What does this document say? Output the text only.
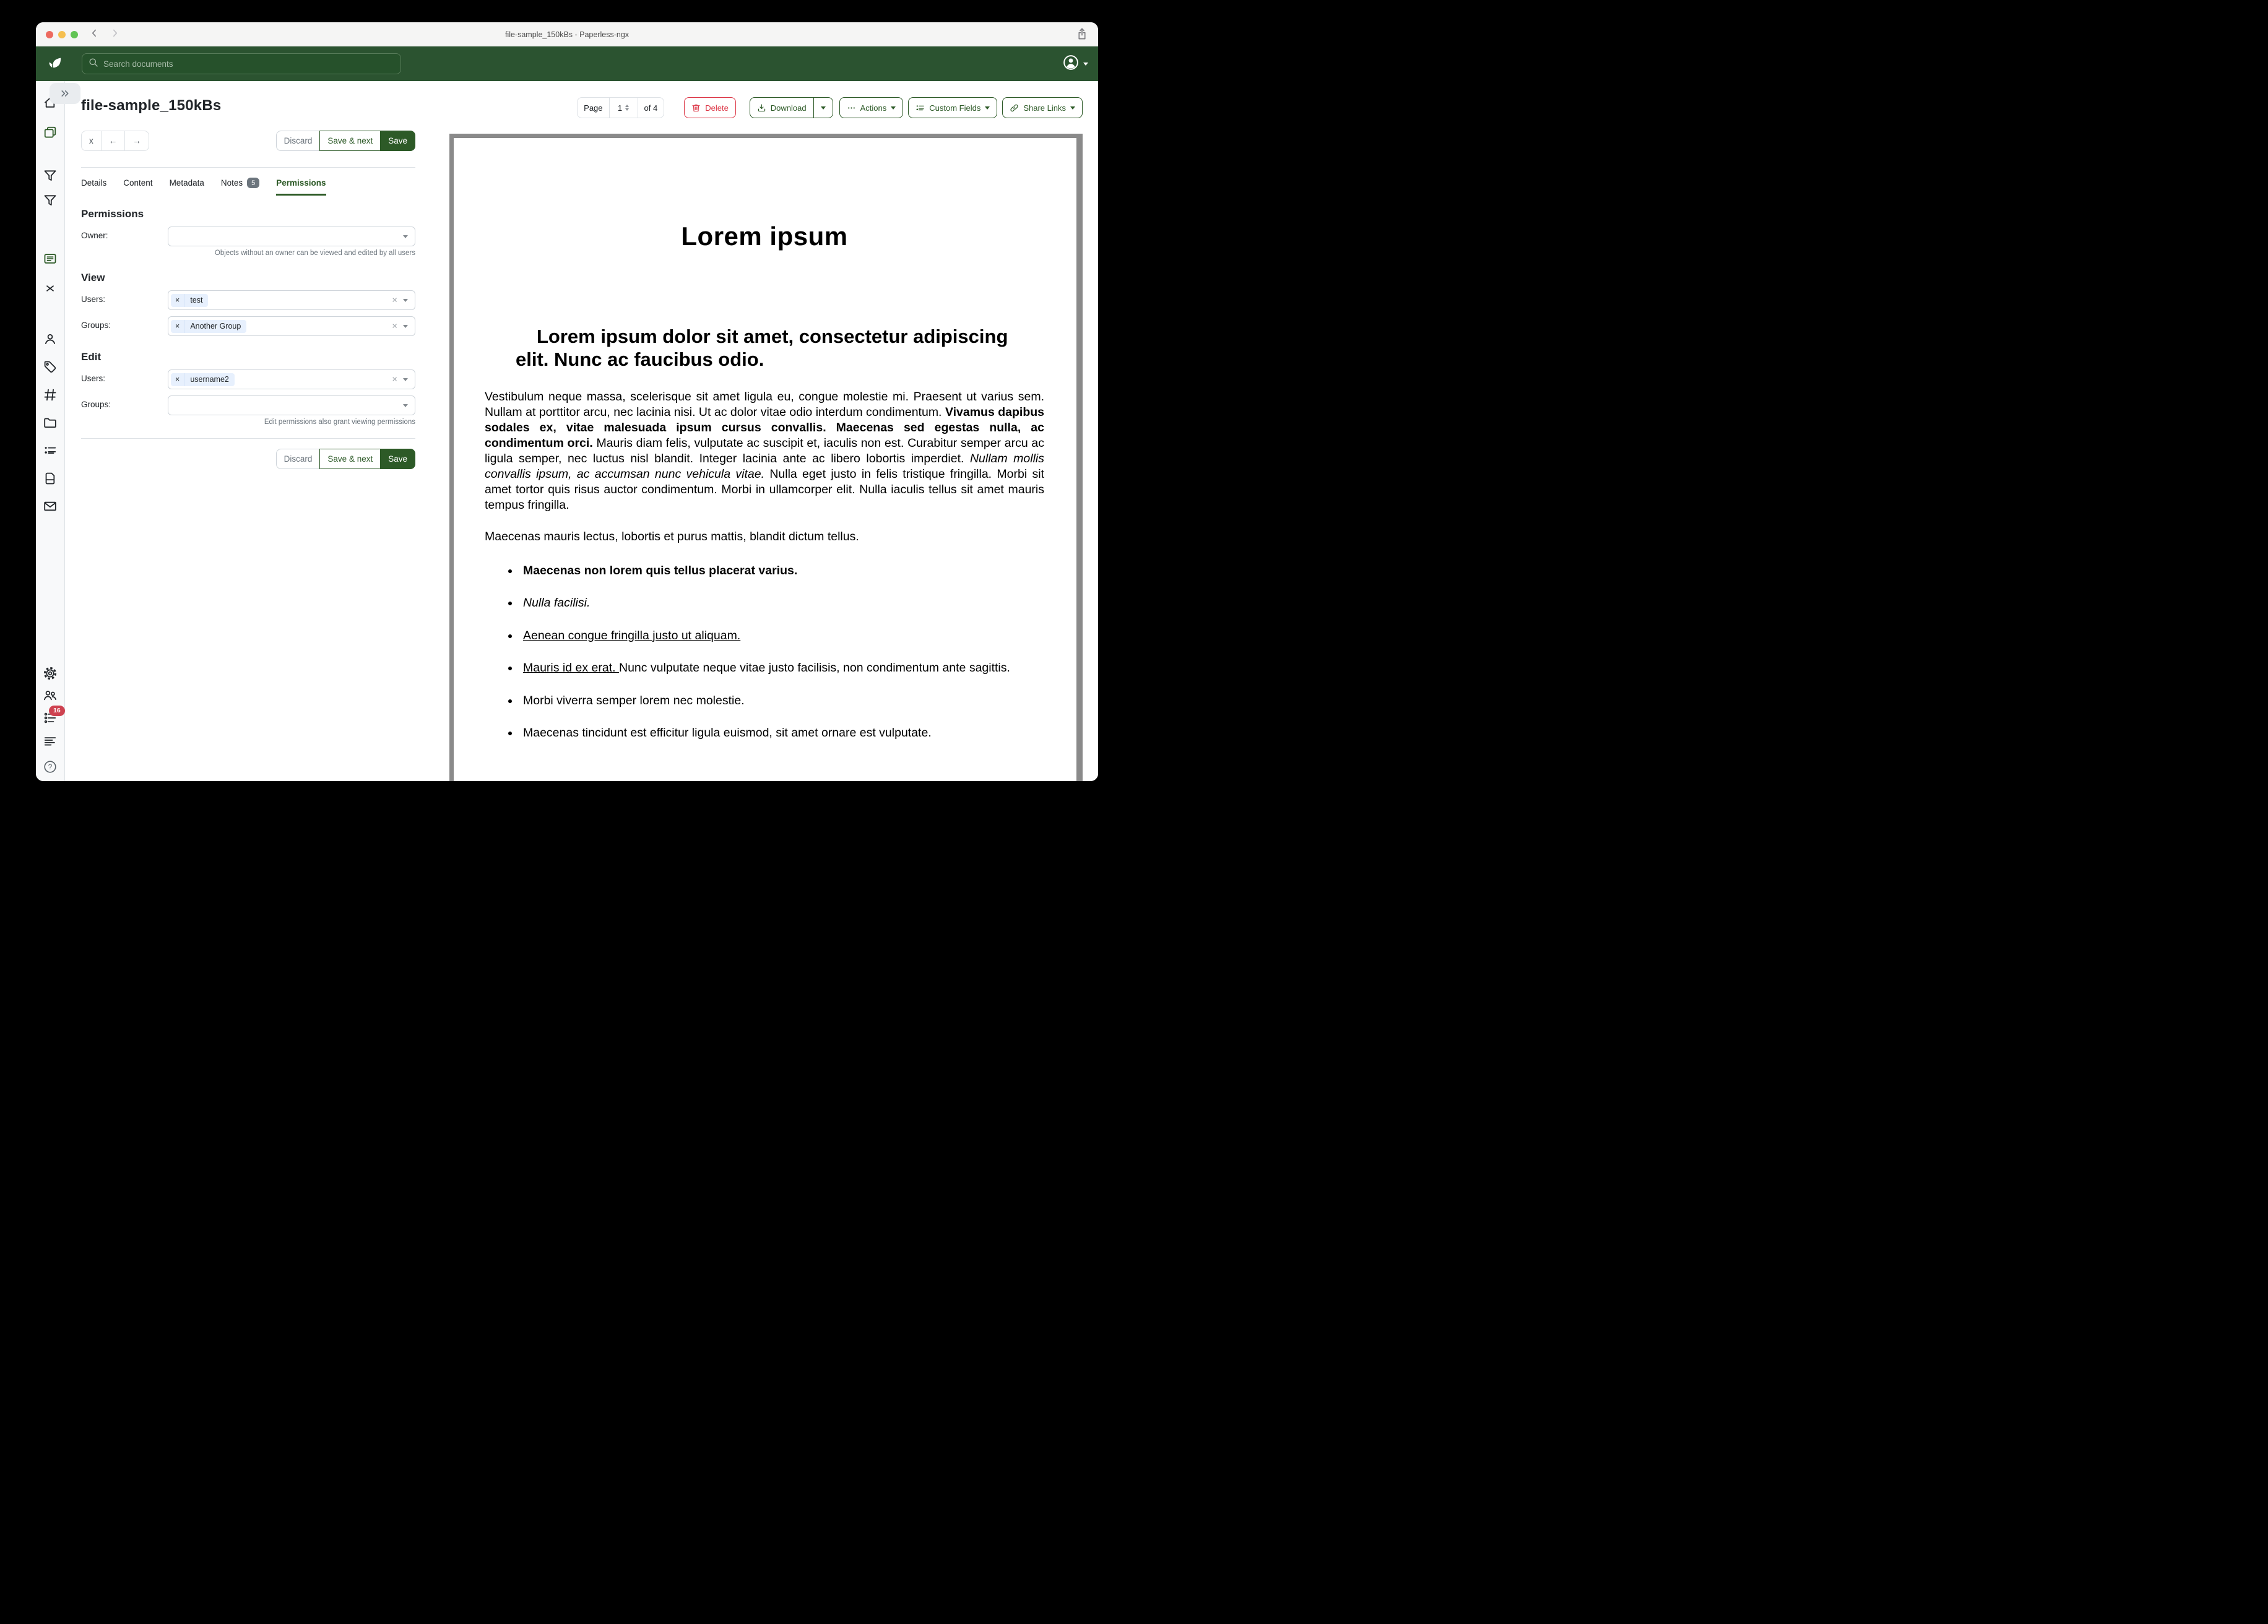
file-sample_150kBs - Paperless-ngx
Search documents
16
?
file-sample_150kBs	Page	1	of 4	Delete	Download	Actions	Custom Fields	Share Links
x ← →	Discard Save & next Save
Details Content Metadata Notes	5	Permissions
Permissions
Owner:
Objects without an owner can be viewed and edited by all users
View
Users:	×	test	×
Groups:	×	Another Group	×
Edit
Users:	×	username2	×
Groups:
Edit permissions also grant viewing permissions
Discard Save & next Save
Lorem ipsum
Lorem ipsum dolor sit amet, consectetur adipiscing elit. Nunc ac faucibus odio.

Vestibulum neque massa, scelerisque sit amet ligula eu, congue molestie mi. Praesent ut varius sem. Nullam at porttitor arcu, nec lacinia nisi. Ut ac dolor vitae odio interdum condimentum. Vivamus dapibus sodales ex, vitae malesuada ipsum cursus convallis. Maecenas sed egestas nulla, ac condimentum orci. Mauris diam felis, vulputate ac suscipit et, iaculis non est. Curabitur semper arcu ac ligula semper, nec luctus nisl blandit. Integer lacinia ante ac libero lobortis imperdiet. Nullam mollis convallis ipsum, ac accumsan nunc vehicula vitae. Nulla eget justo in felis tristique fringilla. Morbi sit amet tortor quis risus auctor condimentum. Morbi in ullamcorper elit. Nulla iaculis tellus sit amet mauris tempus fringilla.

Maecenas mauris lectus, lobortis et purus mattis, blandit dictum tellus.

• Maecenas non lorem quis tellus placerat varius.
• Nulla facilisi.
• Aenean congue fringilla justo ut aliquam.
• Mauris id ex erat. Nunc vulputate neque vitae justo facilisis, non condimentum ante sagittis.
• Morbi viverra semper lorem nec molestie.
• Maecenas tincidunt est efficitur ligula euismod, sit amet ornare est vulputate.
